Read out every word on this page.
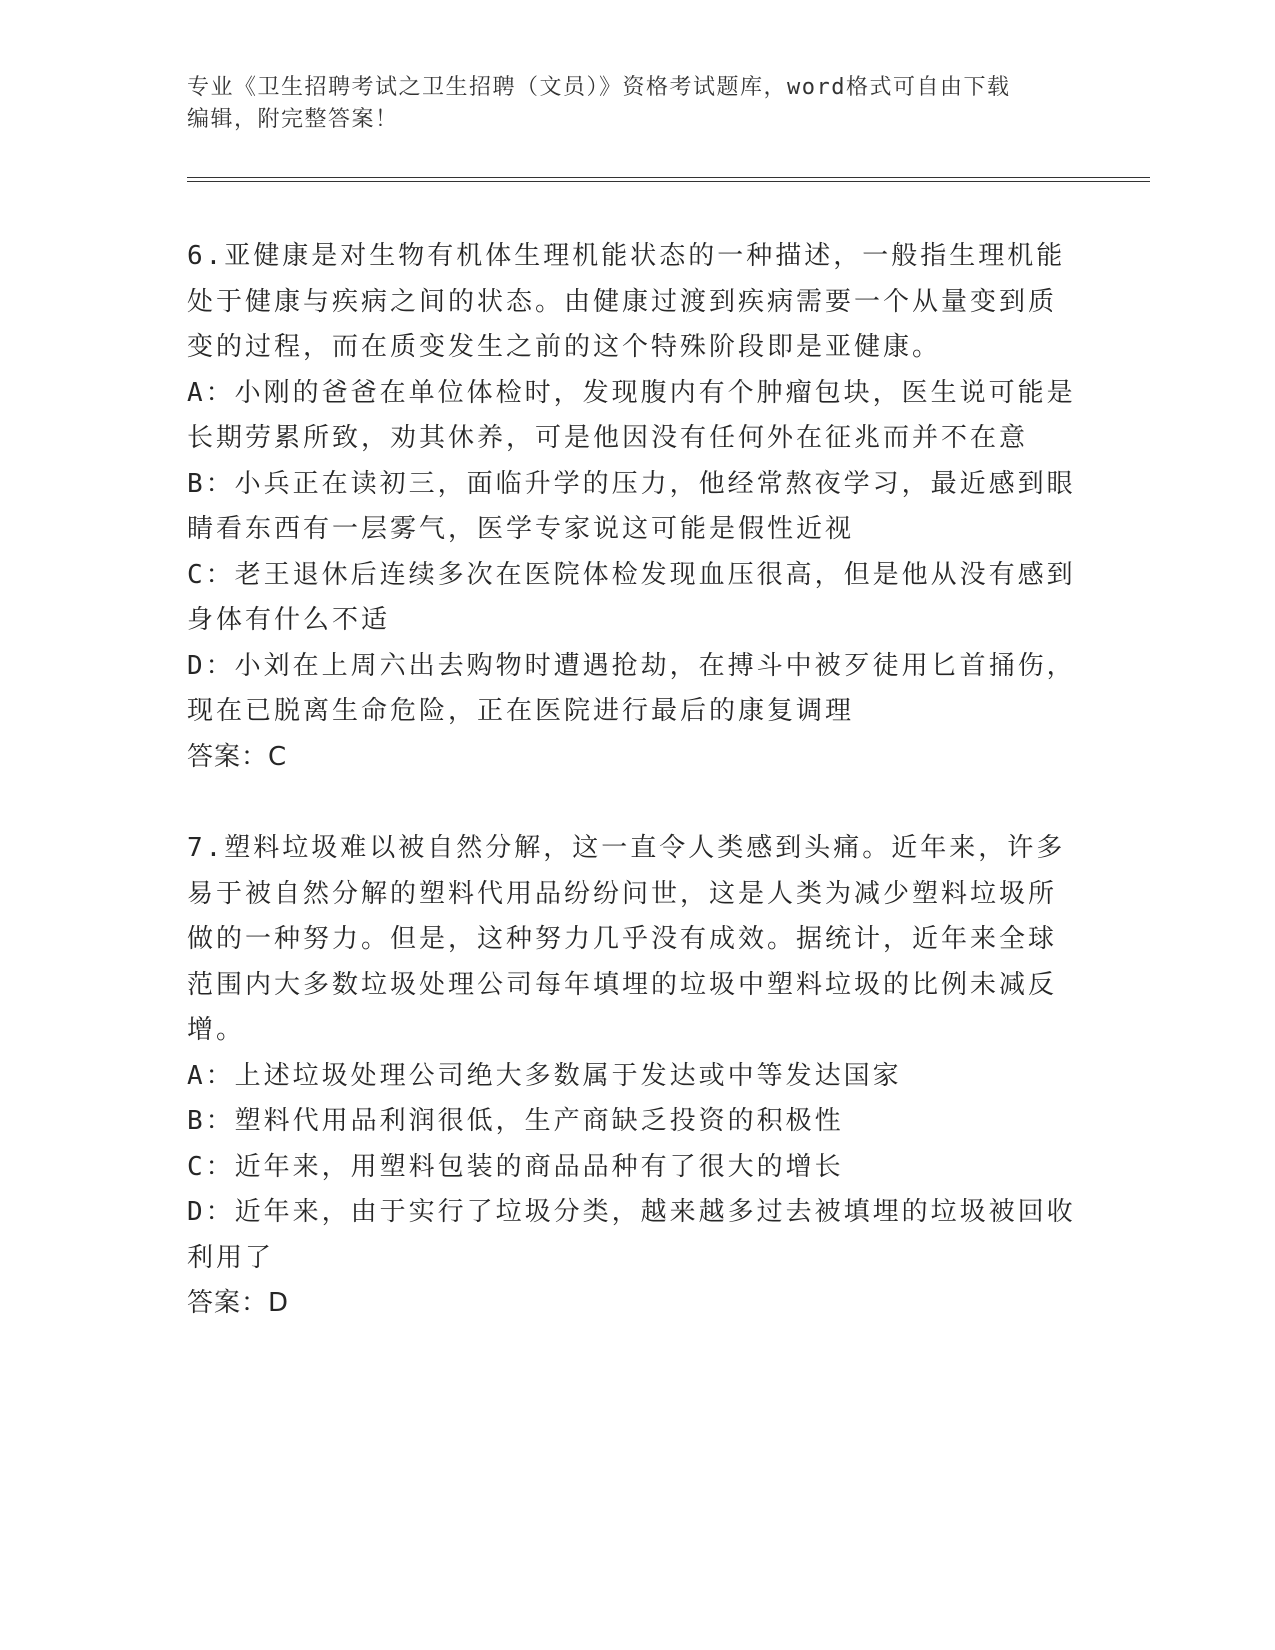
专业《卫生招聘考试之卫生招聘（文员）》资格考试题库，word格式可自由下载
编辑，附完整答案！
6.亚健康是对生物有机体生理机能状态的一种描述，一般指生理机能
处于健康与疾病之间的状态。由健康过渡到疾病需要一个从量变到质
变的过程，而在质变发生之前的这个特殊阶段即是亚健康。
A：小刚的爸爸在单位体检时，发现腹内有个肿瘤包块，医生说可能是
长期劳累所致，劝其休养，可是他因没有任何外在征兆而并不在意
B：小兵正在读初三，面临升学的压力，他经常熬夜学习，最近感到眼
睛看东西有一层雾气，医学专家说这可能是假性近视
C：老王退休后连续多次在医院体检发现血压很高，但是他从没有感到
身体有什么不适
D：小刘在上周六出去购物时遭遇抢劫，在搏斗中被歹徒用匕首捅伤，
现在已脱离生命危险，正在医院进行最后的康复调理
答案：C
7.塑料垃圾难以被自然分解，这一直令人类感到头痛。近年来，许多
易于被自然分解的塑料代用品纷纷问世，这是人类为减少塑料垃圾所
做的一种努力。但是，这种努力几乎没有成效。据统计，近年来全球
范围内大多数垃圾处理公司每年填埋的垃圾中塑料垃圾的比例未减反
增。
A：上述垃圾处理公司绝大多数属于发达或中等发达国家
B：塑料代用品利润很低，生产商缺乏投资的积极性
C：近年来，用塑料包装的商品品种有了很大的增长
D：近年来，由于实行了垃圾分类，越来越多过去被填埋的垃圾被回收
利用了
答案：D
